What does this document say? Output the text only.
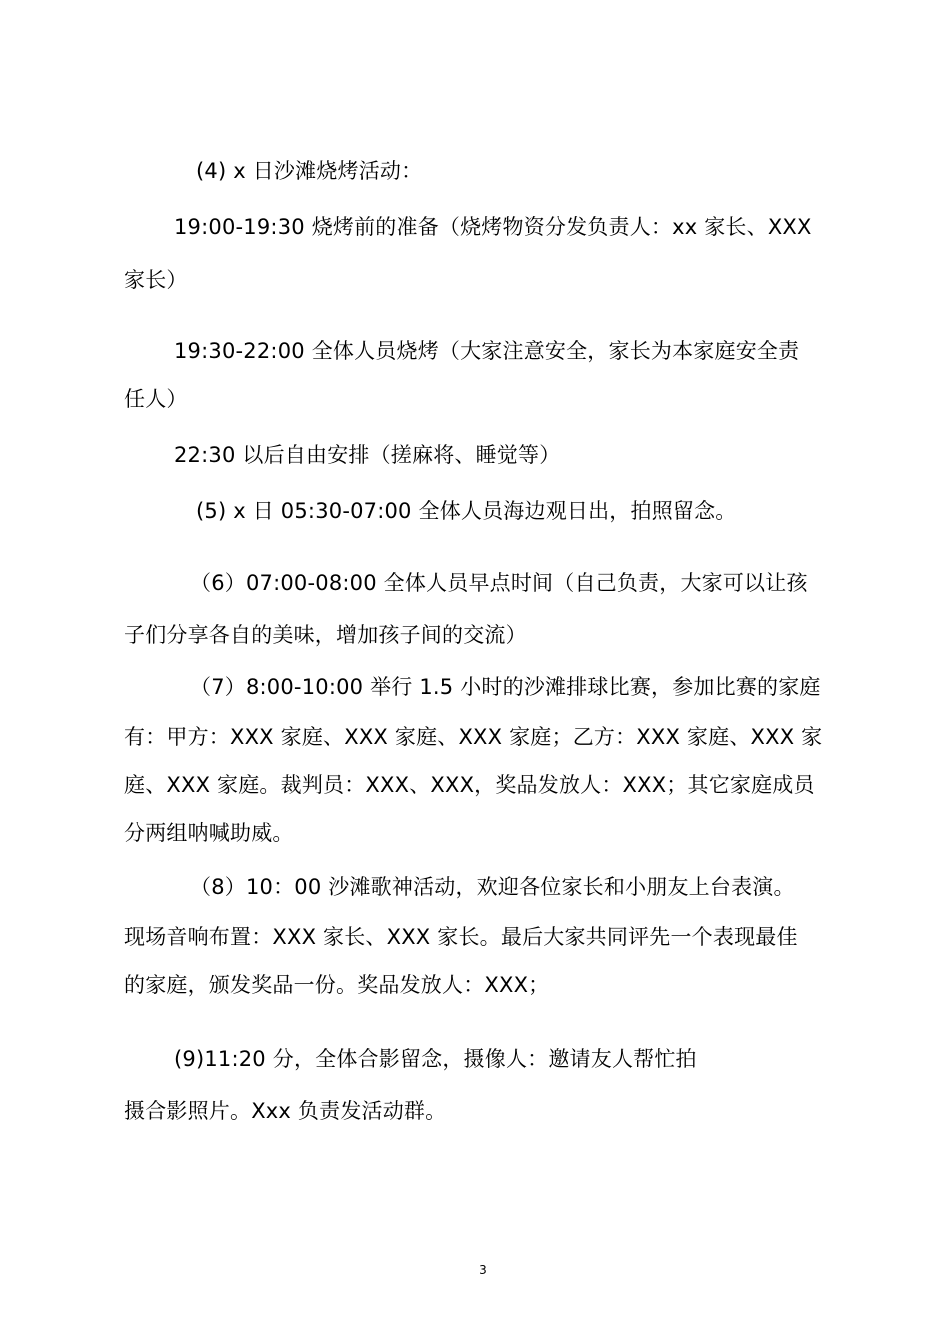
(4) x 日沙滩烧烤活动：
19:00-19:30 烧烤前的准备（烧烤物资分发负责人：xx 家长、XXX
家长）
19:30-22:00 全体人员烧烤（大家注意安全，家长为本家庭安全责
任人）
22:30 以后自由安排（搓麻将、睡觉等）
(5) x 日 05:30-07:00 全体人员海边观日出，拍照留念。
（6）07:00-08:00 全体人员早点时间（自己负责，大家可以让孩
子们分享各自的美味，增加孩子间的交流）
（7）8:00-10:00 举行 1.5 小时的沙滩排球比赛，参加比赛的家庭
有：甲方：XXX 家庭、XXX 家庭、XXX 家庭；乙方：XXX 家庭、XXX 家
庭、XXX 家庭。裁判员：XXX、XXX，奖品发放人：XXX；其它家庭成员
分两组呐喊助威。
（8）10：00 沙滩歌神活动，欢迎各位家长和小朋友上台表演。
现场音响布置：XXX 家长、XXX 家长。最后大家共同评先一个表现最佳
的家庭，颁发奖品一份。奖品发放人：XXX；
(9)11:20 分，全体合影留念，摄像人：邀请友人帮忙拍
摄合影照片。Xxx 负责发活动群。
3
